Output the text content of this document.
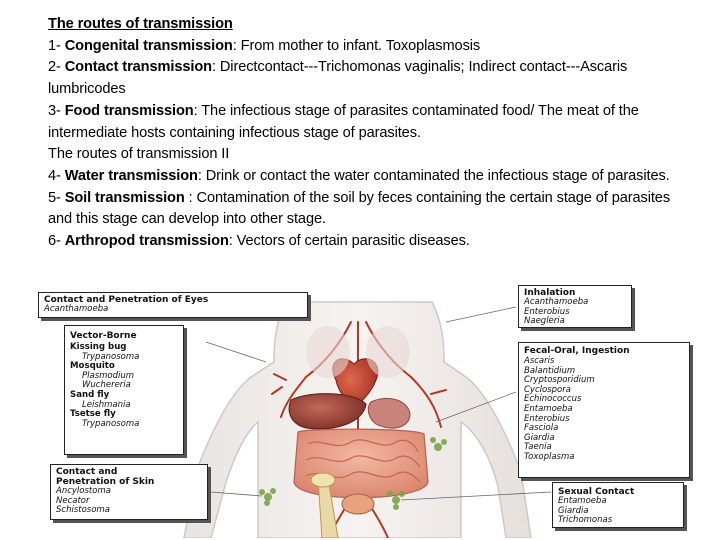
The routes of transmission

1- Congenital transmission: From mother to infant. Toxoplasmosis

2- Contact transmission: Directcontact---Trichomonas vaginalis; Indirect contact---Ascaris lumbricodes

3- Food transmission: The infectious stage of parasites contaminated food/ The meat of the intermediate hosts containing infectious stage of parasites.

The routes of transmission II

4- Water transmission: Drink or contact the water contaminated the infectious stage of parasites.

5- Soil transmission : Contamination of the soil by feces containing the certain stage of parasites and this stage can develop into other stage.

6- Arthropod transmission: Vectors of certain parasitic diseases.

Contact and Penetration of Eyes
Acanthamoeba
Inhalation
Acanthamoeba
Enterobius
Naegleria
Vector-Borne
Kissing bug
Trypanosoma
Mosquito
Plasmodium
Wuchereria
Sand fly
Leishmania
Tsetse fly
Trypanosoma
Fecal-Oral, Ingestion
Ascaris
Balantidium
Cryptosporidium
Cyclospora
Echinococcus
Entamoeba
Enterobius
Fasciola
Giardia
Taenia
Toxoplasma
Contact and
Penetration of Skin
Ancylostoma
Necator
Schistosoma
Sexual Contact
Entamoeba
Giardia
Trichomonas
